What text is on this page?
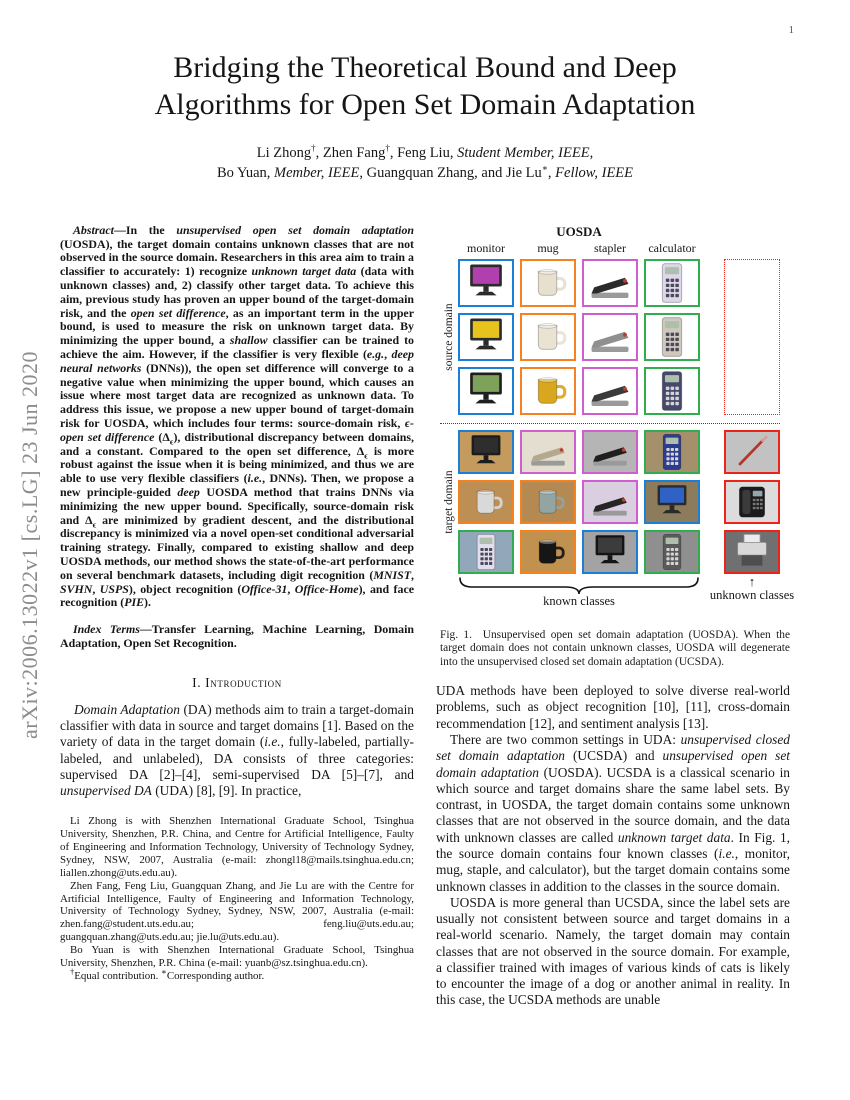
1
arXiv:2006.13022v1 [cs.LG] 23 Jun 2020
Bridging the Theoretical Bound and Deep
Algorithms for Open Set Domain Adaptation
Li Zhong†, Zhen Fang†, Feng Liu, Student Member, IEEE,
Bo Yuan, Member, IEEE, Guangquan Zhang, and Jie Lu∗, Fellow, IEEE

Abstract—In the unsupervised open set domain adaptation (UOSDA), the target domain contains unknown classes that are not observed in the source domain. Researchers in this area aim to train a classifier to accurately: 1) recognize unknown target data (data with unknown classes) and, 2) classify other target data. To achieve this aim, previous study has proven an upper bound of the target-domain risk, and the open set difference, as an important term in the upper bound, is used to measure the risk on unknown target data. By minimizing the upper bound, a shallow classifier can be trained to achieve the aim. However, if the classifier is very flexible (e.g., deep neural networks (DNNs)), the open set difference will converge to a negative value when minimizing the upper bound, which causes an issue where most target data are recognized as unknown data. To address this issue, we propose a new upper bound of target-domain risk for UOSDA, which includes four terms: source-domain risk, ϵ-open set difference $(\Delta_\epsilon)$, distributional discrepancy between domains, and a constant. Compared to the open set difference, $\Delta_\epsilon$ is more robust against the issue when it is being minimized, and thus we are able to use very flexible classifiers (i.e., DNNs). Then, we propose a new principle-guided deep UOSDA method that trains DNNs via minimizing the new upper bound. Specifically, source-domain risk and $\Delta_\epsilon$ are minimized by gradient descent, and the distributional discrepancy is minimized via a novel open-set conditional adversarial training strategy. Finally, compared to existing shallow and deep UOSDA methods, our method shows the state-of-the-art performance on several benchmark datasets, including digit recognition (MNIST, SVHN, USPS), object recognition (Office-31, Office-Home), and face recognition (PIE).

Index Terms—Transfer Learning, Machine Learning, Domain Adaptation, Open Set Recognition.

I. Introduction

Domain Adaptation (DA) methods aim to train a target-domain classifier with data in source and target domains [1]. Based on the variety of data in the target domain (i.e., fully-labeled, partially-labeled, and unlabeled), DA consists of three categories: supervised DA [2]–[4], semi-supervised DA [5]–[7], and unsupervised DA (UDA) [8], [9]. In practice,

Li Zhong is with Shenzhen International Graduate School, Tsinghua University, Shenzhen, P.R. China, and Centre for Artificial Intelligence, Faulty of Engineering and Information Technology, University of Technology Sydney, Sydney, NSW, 2007, Australia (e-mail: zhongl18@mails.tsinghua.edu.cn; liallen.zhong@uts.edu.au).

Zhen Fang, Feng Liu, Guangquan Zhang, and Jie Lu are with the Centre for Artificial Intelligence, Faulty of Engineering and Information Technology, University of Technology Sydney, Sydney, NSW, 2007, Australia (e-mail: zhen.fang@student.uts.edu.au; feng.liu@uts.edu.au; guangquan.zhang@uts.edu.au; jie.lu@uts.edu.au).

Bo Yuan is with Shenzhen International Graduate School, Tsinghua University, Shenzhen, P.R. China (e-mail: yuanb@sz.tsinghua.edu.cn).

†Equal contribution. ∗Corresponding author.

UOSDA
monitor	mug	stapler	calculator
source domain
target domain
known classes
↑
unknown classes
Fig. 1.  Unsupervised open set domain adaptation (UOSDA). When the target domain does not contain unknown classes, UOSDA will degenerate into the unsupervised closed set domain adaptation (UCSDA).

UDA methods have been deployed to solve diverse real-world problems, such as object recognition [10], [11], cross-domain recommendation [12], and sentiment analysis [13].

There are two common settings in UDA: unsupervised closed set domain adaptation (UCSDA) and unsupervised open set domain adaptation (UOSDA). UCSDA is a classical scenario in which source and target domains share the same label sets. By contrast, in UOSDA, the target domain contains some unknown classes that are not observed in the source domain, and the data with unknown classes are called unknown target data. In Fig. 1, the source domain contains four known classes (i.e., monitor, mug, staple, and calculator), but the target domain contains some unknown classes in addition to the classes in the source domain.

UOSDA is more general than UCSDA, since the label sets are usually not consistent between source and target domains in a real-world scenario. Namely, the target domain may contain classes that are not observed in the source domain. For example, a classifier trained with images of various kinds of cats is likely to encounter the image of a dog or another animal in reality. In this case, the UCSDA methods are unable
